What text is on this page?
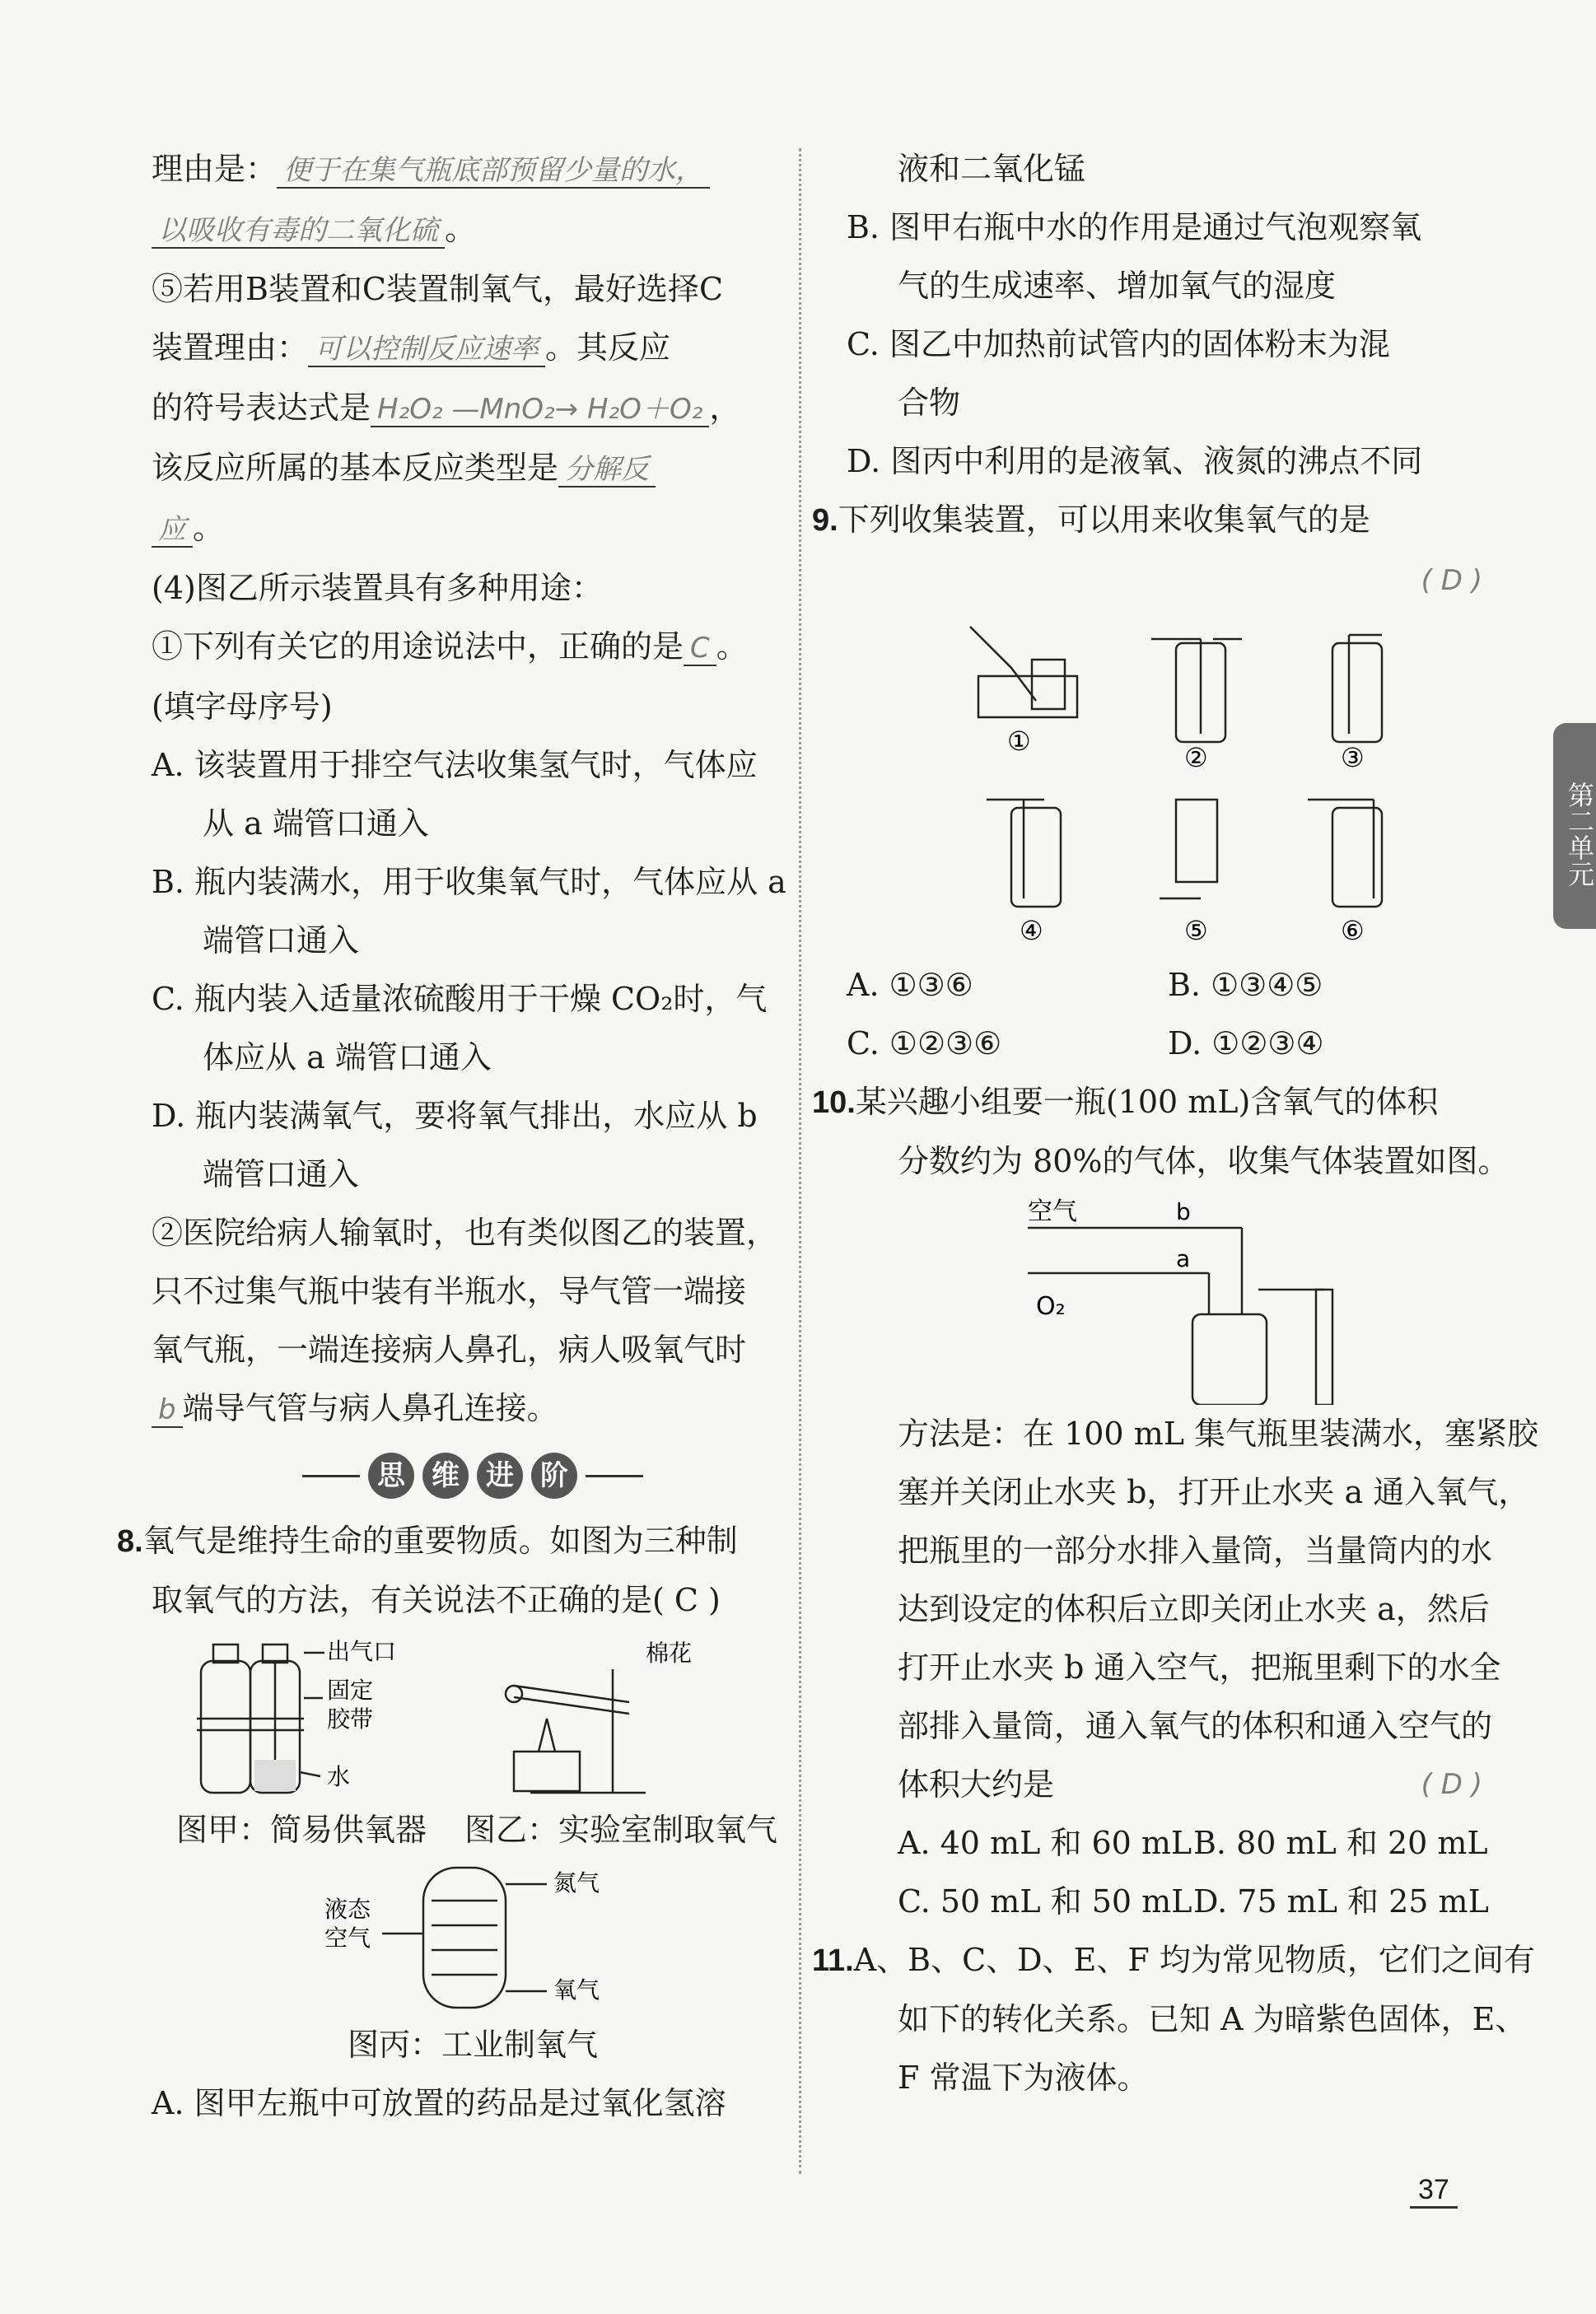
理由是： 便于在集气瓶底部预留少量的水，
以吸收有毒的二氧化硫 。
⑤若用B装置和C装置制氧气，最好选择C
装置理由： 可以控制反应速率 。其反应
的符号表达式是 H₂O₂ —MnO₂→ H₂O＋O₂ ，
该反应所属的基本反应类型是 分解反
应 。
(4)图乙所示装置具有多种用途：
①下列有关它的用途说法中，正确的是 C 。
(填字母序号)
A. 该装置用于排空气法收集氢气时，气体应
从 a 端管口通入
B. 瓶内装满水，用于收集氧气时，气体应从 a
端管口通入
C. 瓶内装入适量浓硫酸用于干燥 CO₂时，气
体应从 a 端管口通入
D. 瓶内装满氧气，要将氧气排出，水应从 b
端管口通入
②医院给病人输氧时，也有类似图乙的装置，
只不过集气瓶中装有半瓶水，导气管一端接
氧气瓶，一端连接病人鼻孔，病人吸氧气时
b 端导气管与病人鼻孔连接。
思 维 进 阶
8.氧气是维持生命的重要物质。如图为三种制
取氧气的方法，有关说法不正确的是( C )
出气口
固定
胶带
水
棉花
图甲：简易供氧器 图乙：实验室制取氧气
液态
空气
氮气
氧气
图丙：工业制氧气
A. 图甲左瓶中可放置的药品是过氧化氢溶
液和二氧化锰
B. 图甲右瓶中水的作用是通过气泡观察氧
气的生成速率、增加氧气的湿度
C. 图乙中加热前试管内的固体粉末为混
合物
D. 图丙中利用的是液氧、液氮的沸点不同
9.下列收集装置，可以用来收集氧气的是
( D )
①
②	③
④	⑤	⑥
A. ①③⑥	B. ①③④⑤
C. ①②③⑥	D. ①②③④
10.某兴趣小组要一瓶(100 mL)含氧气的体积
分数约为 80%的气体，收集气体装置如图。
空气	b
a
O₂
方法是：在 100 mL 集气瓶里装满水，塞紧胶
塞并关闭止水夹 b，打开止水夹 a 通入氧气，
把瓶里的一部分水排入量筒，当量筒内的水
达到设定的体积后立即关闭止水夹 a，然后
打开止水夹 b 通入空气，把瓶里剩下的水全
部排入量筒，通入氧气的体积和通入空气的
体积大约是	( D )
A. 40 mL 和 60 mL B. 80 mL 和 20 mL
C. 50 mL 和 50 mL D. 75 mL 和 25 mL
11.A、B、C、D、E、F 均为常见物质，它们之间有
如下的转化关系。已知 A 为暗紫色固体，E、
F 常温下为液体。
第二单元
37
